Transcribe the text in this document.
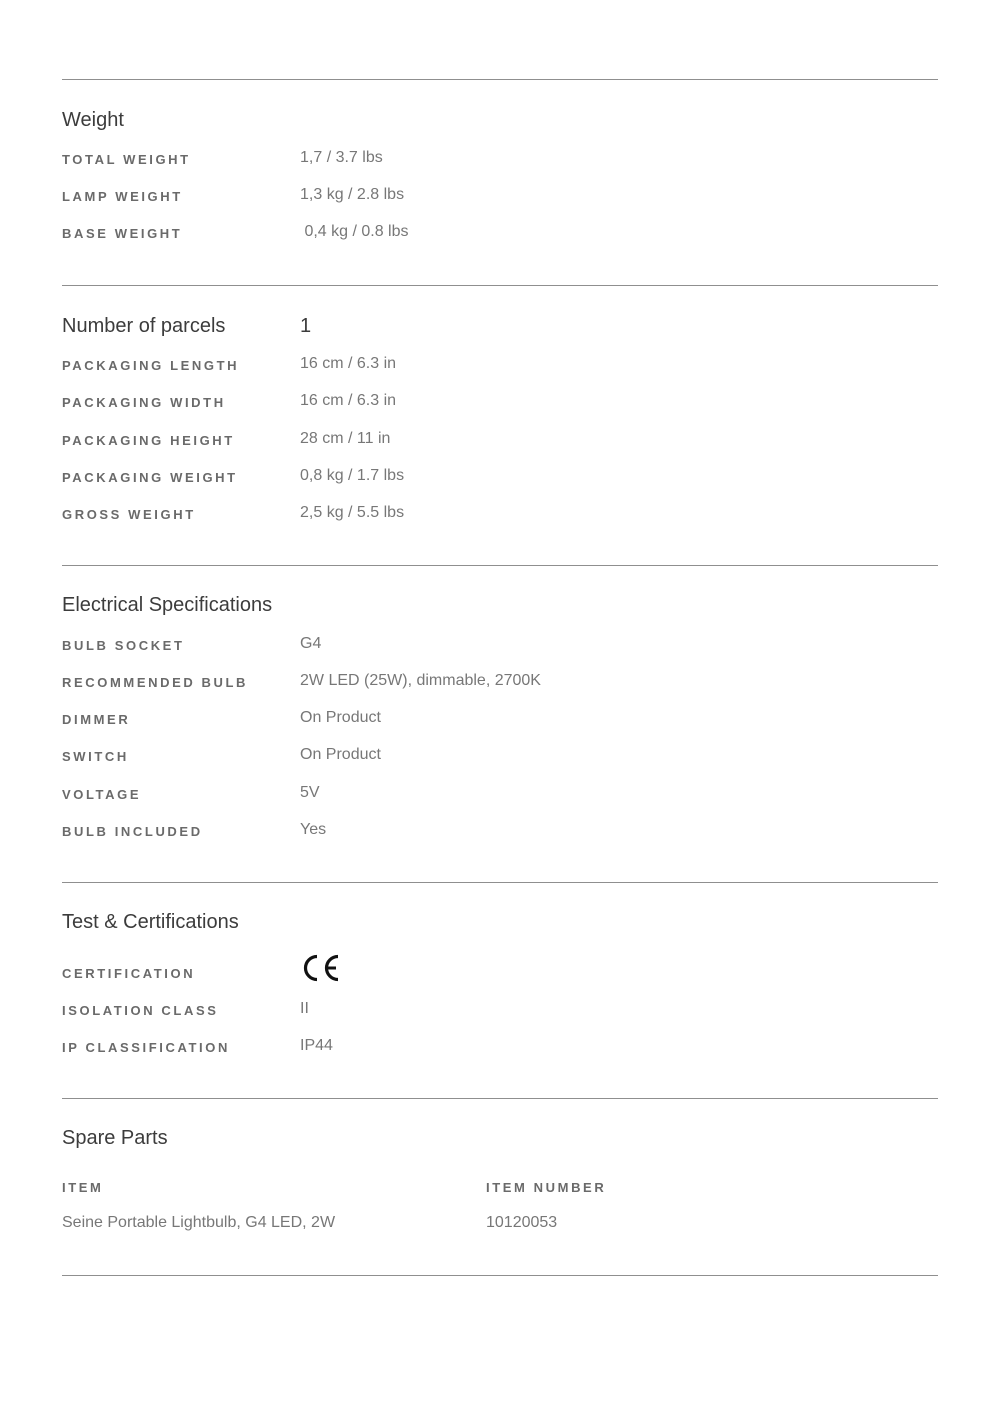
Weight
TOTAL WEIGHT	1,7 / 3.7 lbs
LAMP WEIGHT	1,3 kg / 2.8 lbs
BASE WEIGHT	0,4 kg / 0.8 lbs
Number of parcels	1
PACKAGING LENGTH	16 cm / 6.3 in
PACKAGING WIDTH	16 cm / 6.3 in
PACKAGING HEIGHT	28 cm / 11 in
PACKAGING WEIGHT	0,8 kg / 1.7 lbs
GROSS WEIGHT	2,5 kg / 5.5 lbs
Electrical Specifications
BULB SOCKET	G4
RECOMMENDED BULB	2W LED (25W), dimmable, 2700K
DIMMER	On Product
SWITCH	On Product
VOLTAGE	5V
BULB INCLUDED	Yes
Test & Certifications
CERTIFICATION
ISOLATION CLASS	II
IP CLASSIFICATION	IP44
Spare Parts
ITEM	ITEM NUMBER
Seine Portable Lightbulb, G4 LED, 2W	10120053
